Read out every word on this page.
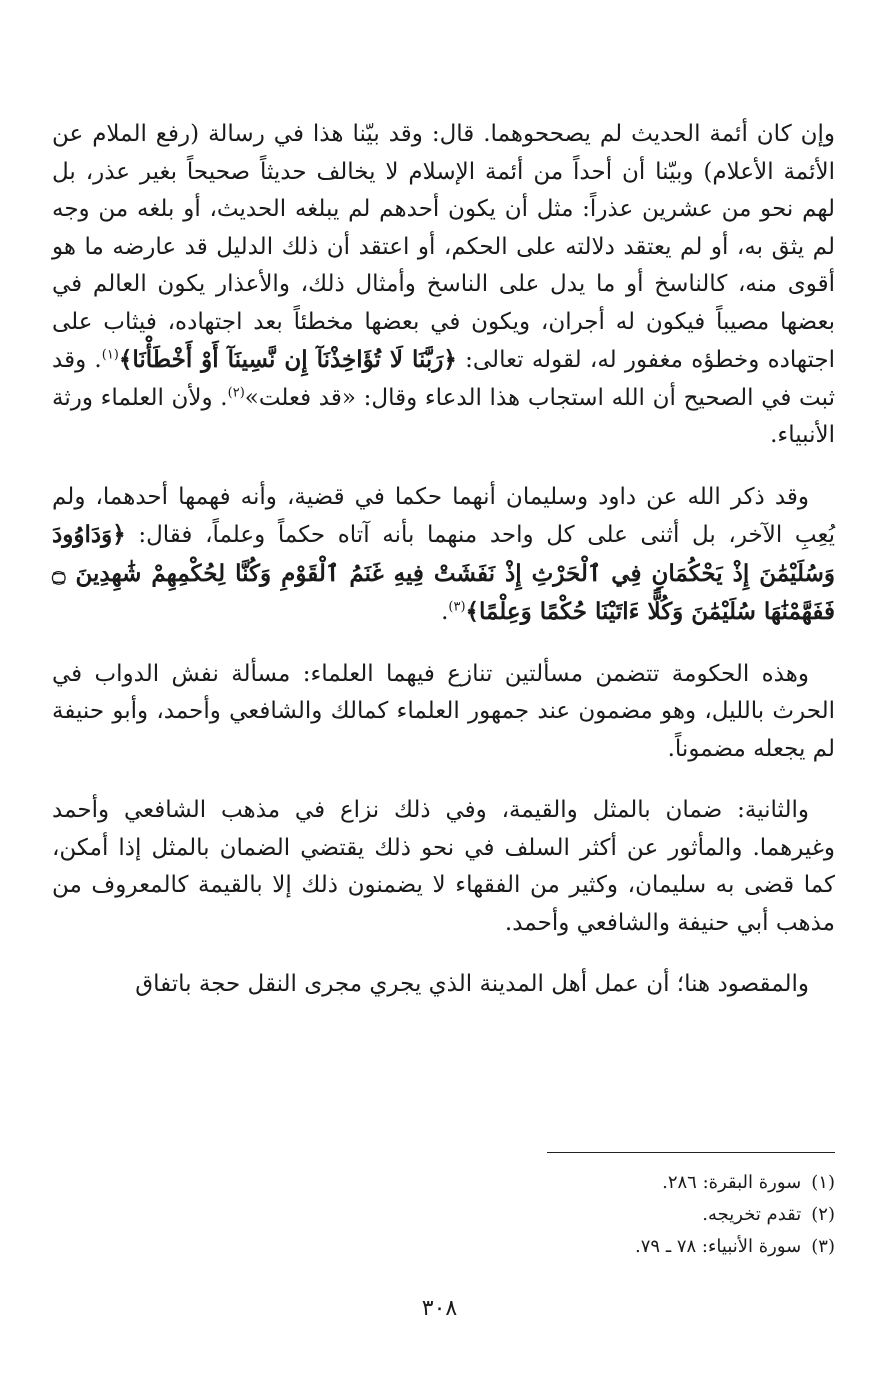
وإن كان أئمة الحديث لم يصححوهما. قال: وقد بيّنا هذا في رسالة (رفع الملام عن الأئمة الأعلام) وبيّنا أن أحداً من أئمة الإسلام لا يخالف حديثاً صحيحاً بغير عذر، بل لهم نحو من عشرين عذراً: مثل أن يكون أحدهم لم يبلغه الحديث، أو بلغه من وجه لم يثق به، أو لم يعتقد دلالته على الحكم، أو اعتقد أن ذلك الدليل قد عارضه ما هو أقوى منه، كالناسخ أو ما يدل على الناسخ وأمثال ذلك، والأعذار يكون العالم في بعضها مصيباً فيكون له أجران، ويكون في بعضها مخطئاً بعد اجتهاده، فيثاب على اجتهاده وخطؤه مغفور له، لقوله تعالى: ﴿رَبَّنَا لَا تُؤَاخِذْنَآ إِن نَّسِينَآ أَوْ أَخْطَأْنَا﴾$^{(١)}$. وقد ثبت في الصحيح أن الله استجاب هذا الدعاء وقال: «قد فعلت»$^{(٢)}$. ولأن العلماء ورثة الأنبياء.

وقد ذكر الله عن داود وسليمان أنهما حكما في قضية، وأنه فهمها أحدهما، ولم يُعِبِ الآخر، بل أثنى على كل واحد منهما بأنه آتاه حكماً وعلماً، فقال: ﴿وَدَاوُودَ وَسُلَيْمَٰنَ إِذْ يَحْكُمَانِ فِي ٱلْحَرْثِ إِذْ نَفَشَتْ فِيهِ غَنَمُ ٱلْقَوْمِ وَكُنَّا لِحُكْمِهِمْ شَٰهِدِينَ ۝ فَفَهَّمْنَٰهَا سُلَيْمَٰنَ وَكُلًّا ءَاتَيْنَا حُكْمًا وَعِلْمًا﴾$^{(٣)}$.

وهذه الحكومة تتضمن مسألتين تنازع فيهما العلماء: مسألة نفش الدواب في الحرث بالليل، وهو مضمون عند جمهور العلماء كمالك والشافعي وأحمد، وأبو حنيفة لم يجعله مضموناً.

والثانية: ضمان بالمثل والقيمة، وفي ذلك نزاع في مذهب الشافعي وأحمد وغيرهما. والمأثور عن أكثر السلف في نحو ذلك يقتضي الضمان بالمثل إذا أمكن، كما قضى به سليمان، وكثير من الفقهاء لا يضمنون ذلك إلا بالقيمة كالمعروف من مذهب أبي حنيفة والشافعي وأحمد.

والمقصود هنا؛ أن عمل أهل المدينة الذي يجري مجرى النقل حجة باتفاق

(١)سورة البقرة: ٢٨٦.
(٢)تقدم تخريجه.
(٣)سورة الأنبياء: ٧٨ ـ ٧٩.
٣٠٨
